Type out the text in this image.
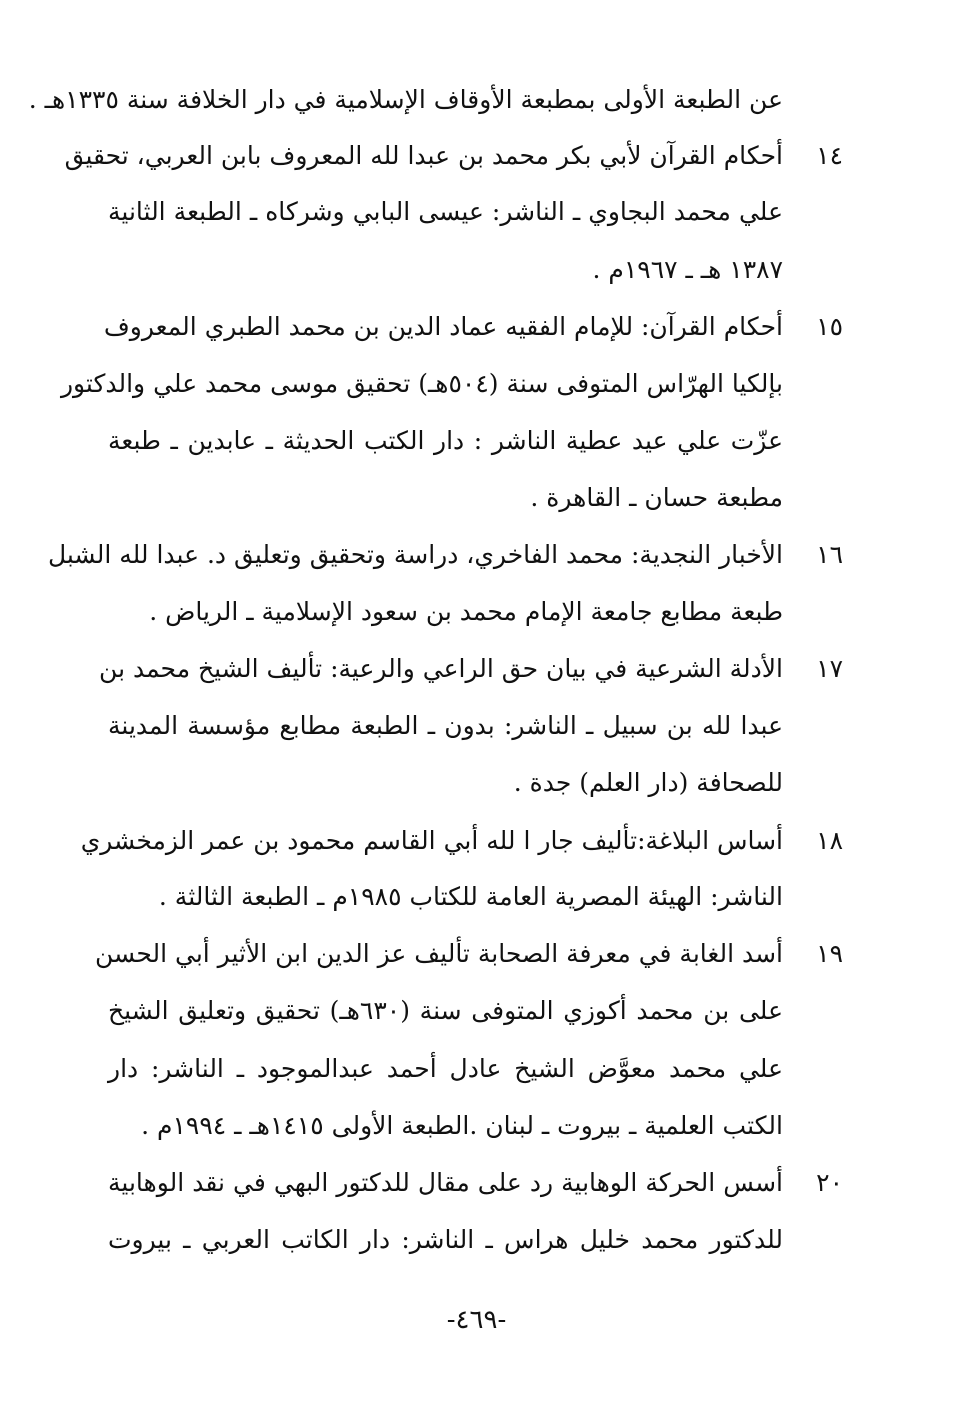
عن الطبعة الأولى بمطبعة الأوقاف الإسلامية في دار الخلافة سنة ١٣٣٥هـ .
١٤
أحكام القرآن لأبي بكر محمد بن عبدا لله المعروف بابن العربي، تحقيق
علي محمد البجاوي ـ الناشر: عيسى البابي وشركاه ـ الطبعة الثانية
١٣٨٧ هـ ـ ١٩٦٧م .
١٥
أحكام القرآن: للإمام الفقيه عماد الدين بن محمد الطبري المعروف
بإلكيا الهرّاس المتوفى سنة (٥٠٤هـ) تحقيق موسى محمد علي والدكتور
عزّت علي عيد عطية الناشر : دار الكتب الحديثة ـ عابدين ـ طبعة
مطبعة حسان ـ القاهرة .
١٦
الأخبار النجدية: محمد الفاخري، دراسة وتحقيق وتعليق د. عبدا لله الشبل
طبعة مطابع جامعة الإمام محمد بن سعود الإسلامية ـ الرياض .
١٧
الأدلة الشرعية في بيان حق الراعي والرعية: تأليف الشيخ محمد بن
عبدا لله بن سبيل ـ الناشر: بدون ـ الطبعة مطابع مؤسسة المدينة
للصحافة (دار العلم) جدة .
١٨
أساس البلاغة:تأليف جار ا لله أبي القاسم محمود بن عمر الزمخشري
الناشر: الهيئة المصرية العامة للكتاب ١٩٨٥م ـ الطبعة الثالثة .
١٩
أسد الغابة في معرفة الصحابة تأليف عز الدين ابن الأثير أبي الحسن
على بن محمد أكوزي المتوفى سنة (٦٣٠هـ) تحقيق وتعليق الشيخ
علي محمد معوَّض الشيخ عادل أحمد عبدالموجود ـ الناشر: دار
الكتب العلمية ـ بيروت ـ لبنان .الطبعة الأولى ١٤١٥هـ ـ ١٩٩٤م .
٢٠
أسس الحركة الوهابية رد على مقال للدكتور البهي في نقد الوهابية
للدكتور محمد خليل هراس ـ الناشر: دار الكاتب العربي ـ بيروت
-٤٦٩-
